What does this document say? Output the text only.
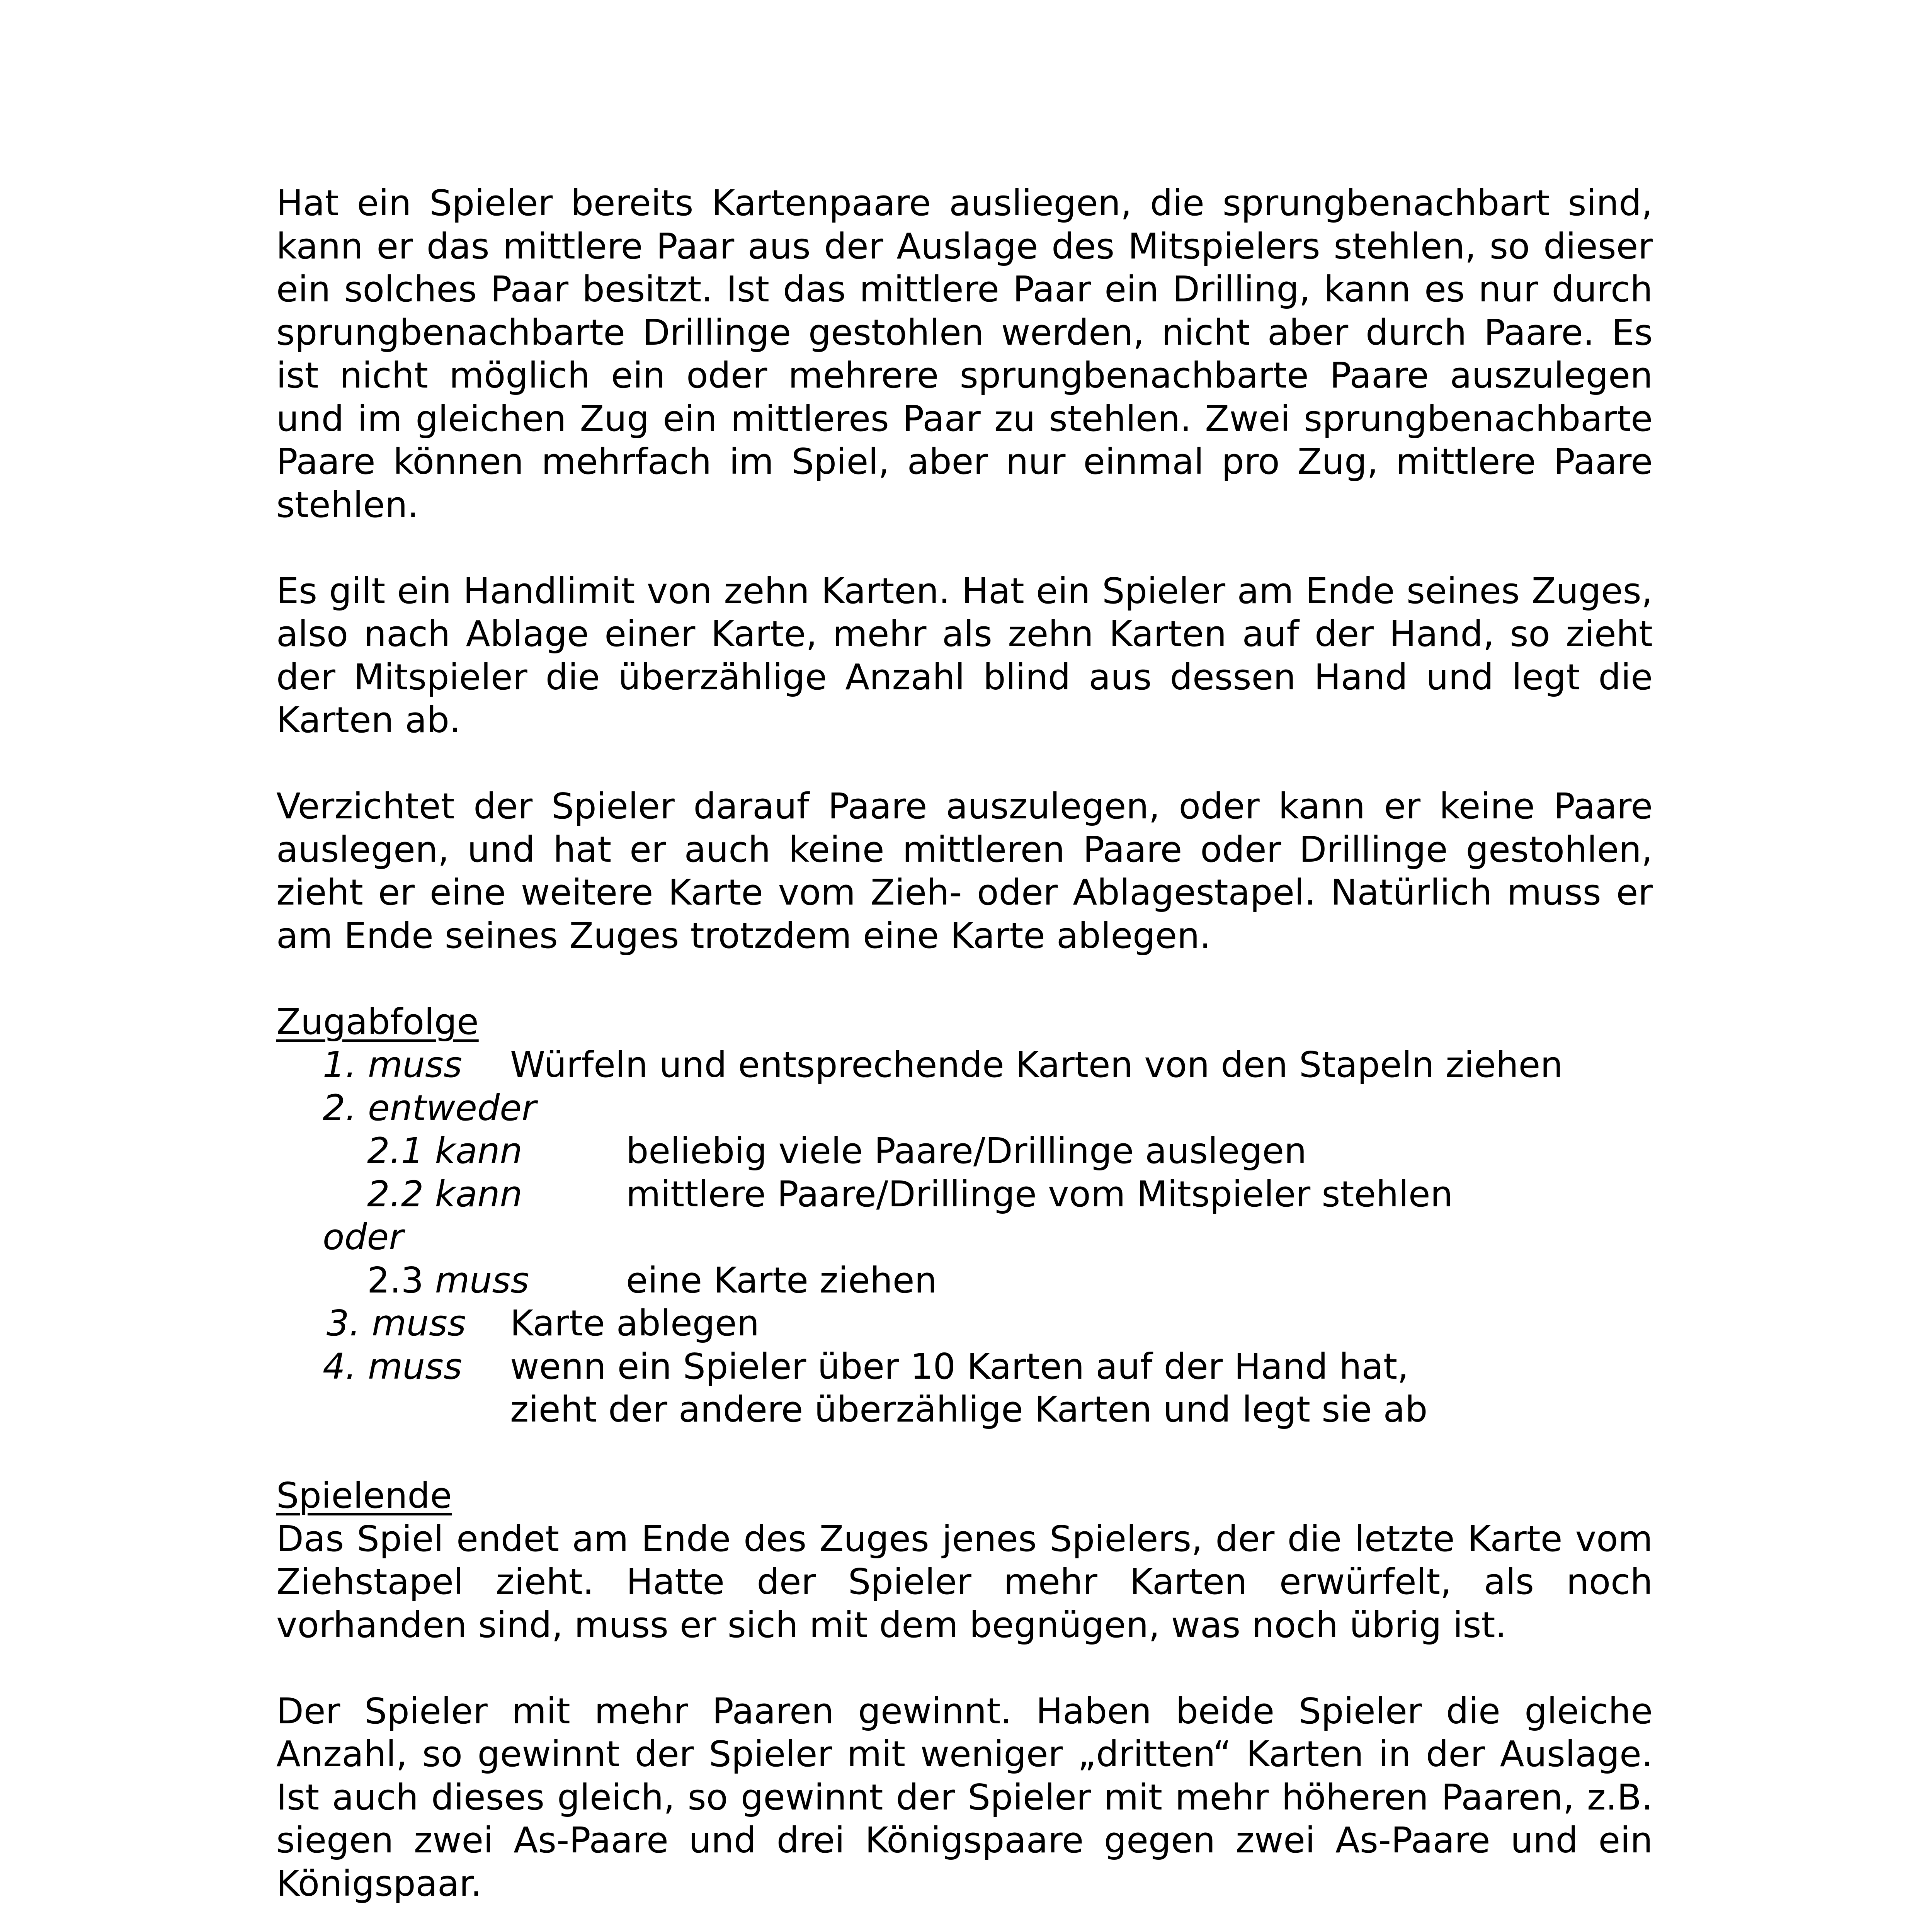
Hat ein Spieler bereits Kartenpaare ausliegen, die sprungbenachbart sind, kann er das mittlere Paar aus der Auslage des Mitspielers stehlen, so dieser ein solches Paar besitzt. Ist das mittlere Paar ein Drilling, kann es nur durch sprungbenachbarte Drillinge gestohlen werden, nicht aber durch Paare. Es ist nicht möglich ein oder mehrere sprungbenachbarte Paare auszulegen und im gleichen Zug ein mittleres Paar zu stehlen. Zwei sprungbenachbarte Paare können mehrfach im Spiel, aber nur einmal pro Zug, mittlere Paare stehlen.

Es gilt ein Handlimit von zehn Karten. Hat ein Spieler am Ende seines Zuges, also nach Ablage einer Karte, mehr als zehn Karten auf der Hand, so zieht der Mitspieler die überzählige Anzahl blind aus dessen Hand und legt die Karten ab.

Verzichtet der Spieler darauf Paare auszulegen, oder kann er keine Paare auslegen, und hat er auch keine mittleren Paare oder Drillinge gestohlen, zieht er eine weitere Karte vom Zieh- oder Ablagestapel. Natürlich muss er am Ende seines Zuges trotzdem eine Karte ablegen.

Zugabfolge

1. muss Würfeln und entsprechende Karten von den Stapeln ziehen
2. entweder
2.1 kann	beliebig viele Paare/Drillinge auslegen
2.2 kann	mittlere Paare/Drillinge vom Mitspieler stehlen
oder
2.3 muss	eine Karte ziehen
3. muss Karte ablegen
4. muss wenn ein Spieler über 10 Karten auf der Hand hat,
zieht der andere überzählige Karten und legt sie ab

Spielende

Das Spiel endet am Ende des Zuges jenes Spielers, der die letzte Karte vom Ziehstapel zieht. Hatte der Spieler mehr Karten erwürfelt, als noch vorhanden sind, muss er sich mit dem begnügen, was noch übrig ist.

Der Spieler mit mehr Paaren gewinnt. Haben beide Spieler die gleiche Anzahl, so gewinnt der Spieler mit weniger „dritten“ Karten in der Auslage. Ist auch dieses gleich, so gewinnt der Spieler mit mehr höheren Paaren, z.B. siegen zwei As-Paare und drei Königspaare gegen zwei As-Paare und ein Königspaar.
